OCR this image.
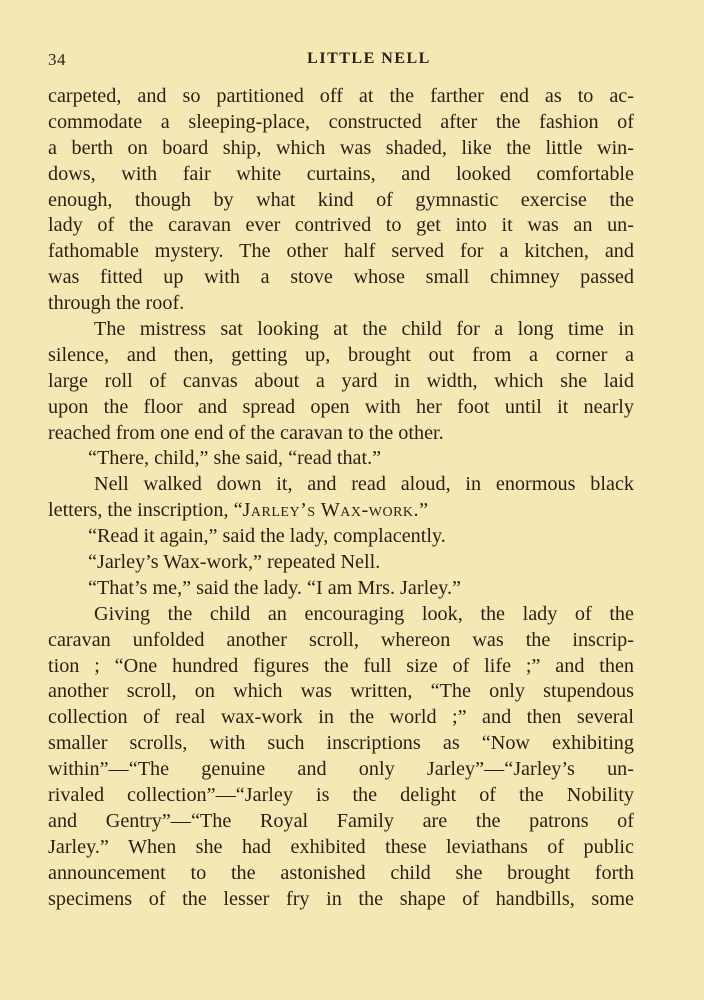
34	LITTLE NELL
carpeted, and so partitioned off at the farther end as to ac-
commodate a sleeping-place, constructed after the fashion of
a berth on board ship, which was shaded, like the little win-
dows, with fair white curtains, and looked comfortable
enough, though by what kind of gymnastic exercise the
lady of the caravan ever contrived to get into it was an un-
fathomable mystery. The other half served for a kitchen, and
was fitted up with a stove whose small chimney passed
through the roof.
The mistress sat looking at the child for a long time in
silence, and then, getting up, brought out from a corner a
large roll of canvas about a yard in width, which she laid
upon the floor and spread open with her foot until it nearly
reached from one end of the caravan to the other.
“There, child,” she said, “read that.”
Nell walked down it, and read aloud, in enormous black
letters, the inscription, “Jarley’s Wax-work.”
“Read it again,” said the lady, complacently.
“Jarley’s Wax-work,” repeated Nell.
“That’s me,” said the lady. “I am Mrs. Jarley.”
Giving the child an encouraging look, the lady of the
caravan unfolded another scroll, whereon was the inscrip-
tion ; “One hundred figures the full size of life ;” and then
another scroll, on which was written, “The only stupendous
collection of real wax-work in the world ;” and then several
smaller scrolls, with such inscriptions as “Now exhibiting
within”—“The genuine and only Jarley”—“Jarley’s un-
rivaled collection”—“Jarley is the delight of the Nobility
and Gentry”—“The Royal Family are the patrons of
Jarley.” When she had exhibited these leviathans of public
announcement to the astonished child she brought forth
specimens of the lesser fry in the shape of handbills, some
